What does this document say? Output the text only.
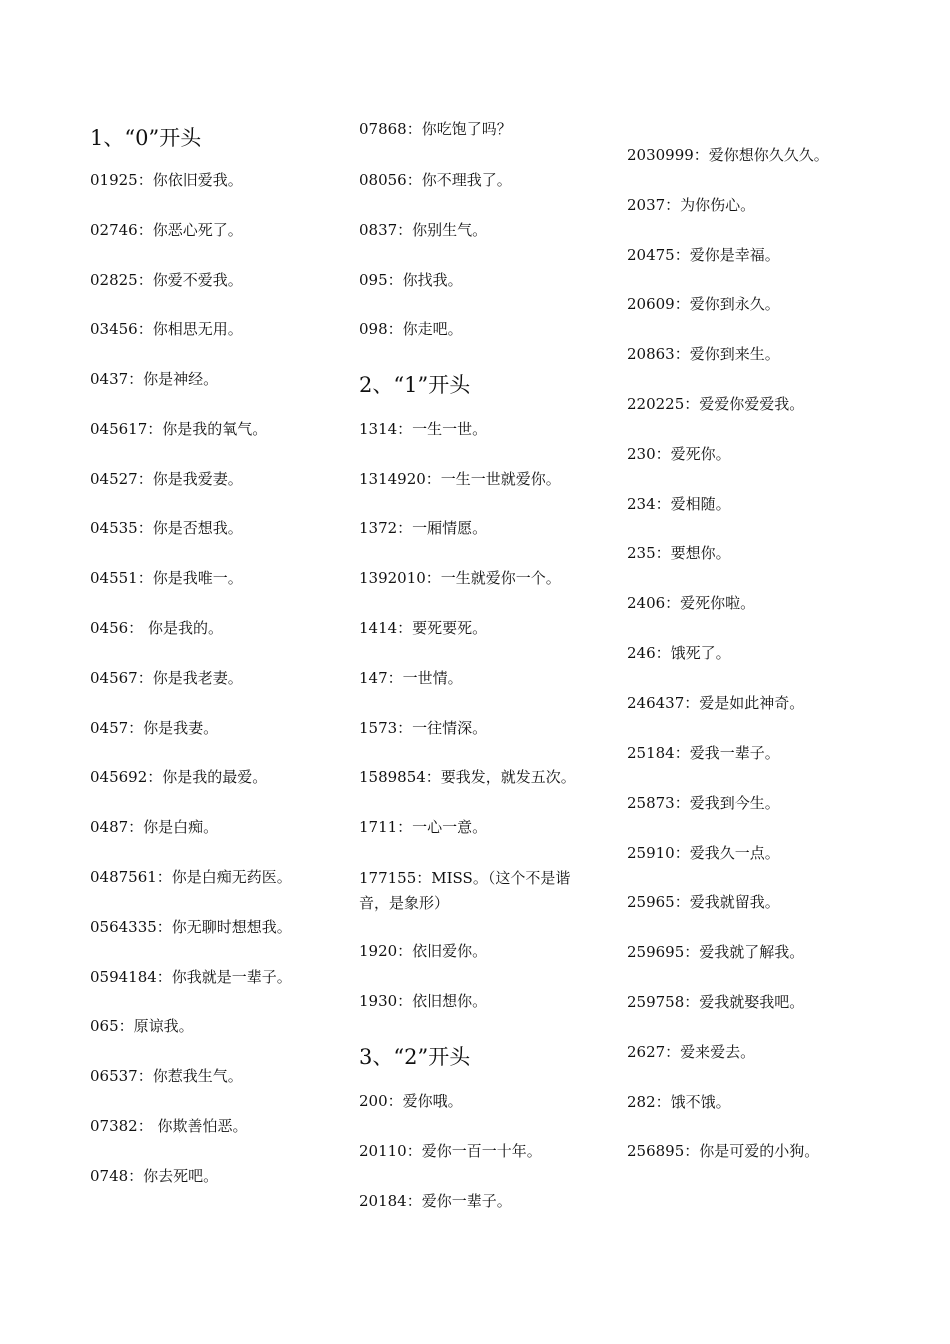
1、“0”开头
01925：你依旧爱我。
02746：你恶心死了。
02825：你爱不爱我。
03456：你相思无用。
0437：你是神经。
045617：你是我的氧气。
04527：你是我爱妻。
04535：你是否想我。
04551：你是我唯一。
0456： 你是我的。
04567：你是我老妻。
0457：你是我妻。
045692：你是我的最爱。
0487：你是白痴。
0487561：你是白痴无药医。
0564335：你无聊时想想我。
0594184：你我就是一辈子。
065：原谅我。
06537：你惹我生气。
07382： 你欺善怕恶。
0748：你去死吧。
07868：你吃饱了吗？
08056：你不理我了。
0837：你别生气。
095：你找我。
098：你走吧。
2、“1”开头
1314：一生一世。
1314920：一生一世就爱你。
1372：一厢情愿。
1392010：一生就爱你一个。
1414：要死要死。
147：一世情。
1573：一往情深。
1589854：要我发，就发五次。
1711：一心一意。
177155：MISS。（这个不是谐音，是象形）
1920：依旧爱你。
1930：依旧想你。
3、“2”开头
200：爱你哦。
20110：爱你一百一十年。
20184：爱你一辈子。
2030999：爱你想你久久久。
2037：为你伤心。
20475：爱你是幸福。
20609：爱你到永久。
20863：爱你到来生。
220225：爱爱你爱爱我。
230：爱死你。
234：爱相随。
235：要想你。
2406：爱死你啦。
246：饿死了。
246437：爱是如此神奇。
25184：爱我一辈子。
25873：爱我到今生。
25910：爱我久一点。
25965：爱我就留我。
259695：爱我就了解我。
259758：爱我就娶我吧。
2627：爱来爱去。
282：饿不饿。
256895：你是可爱的小狗。
